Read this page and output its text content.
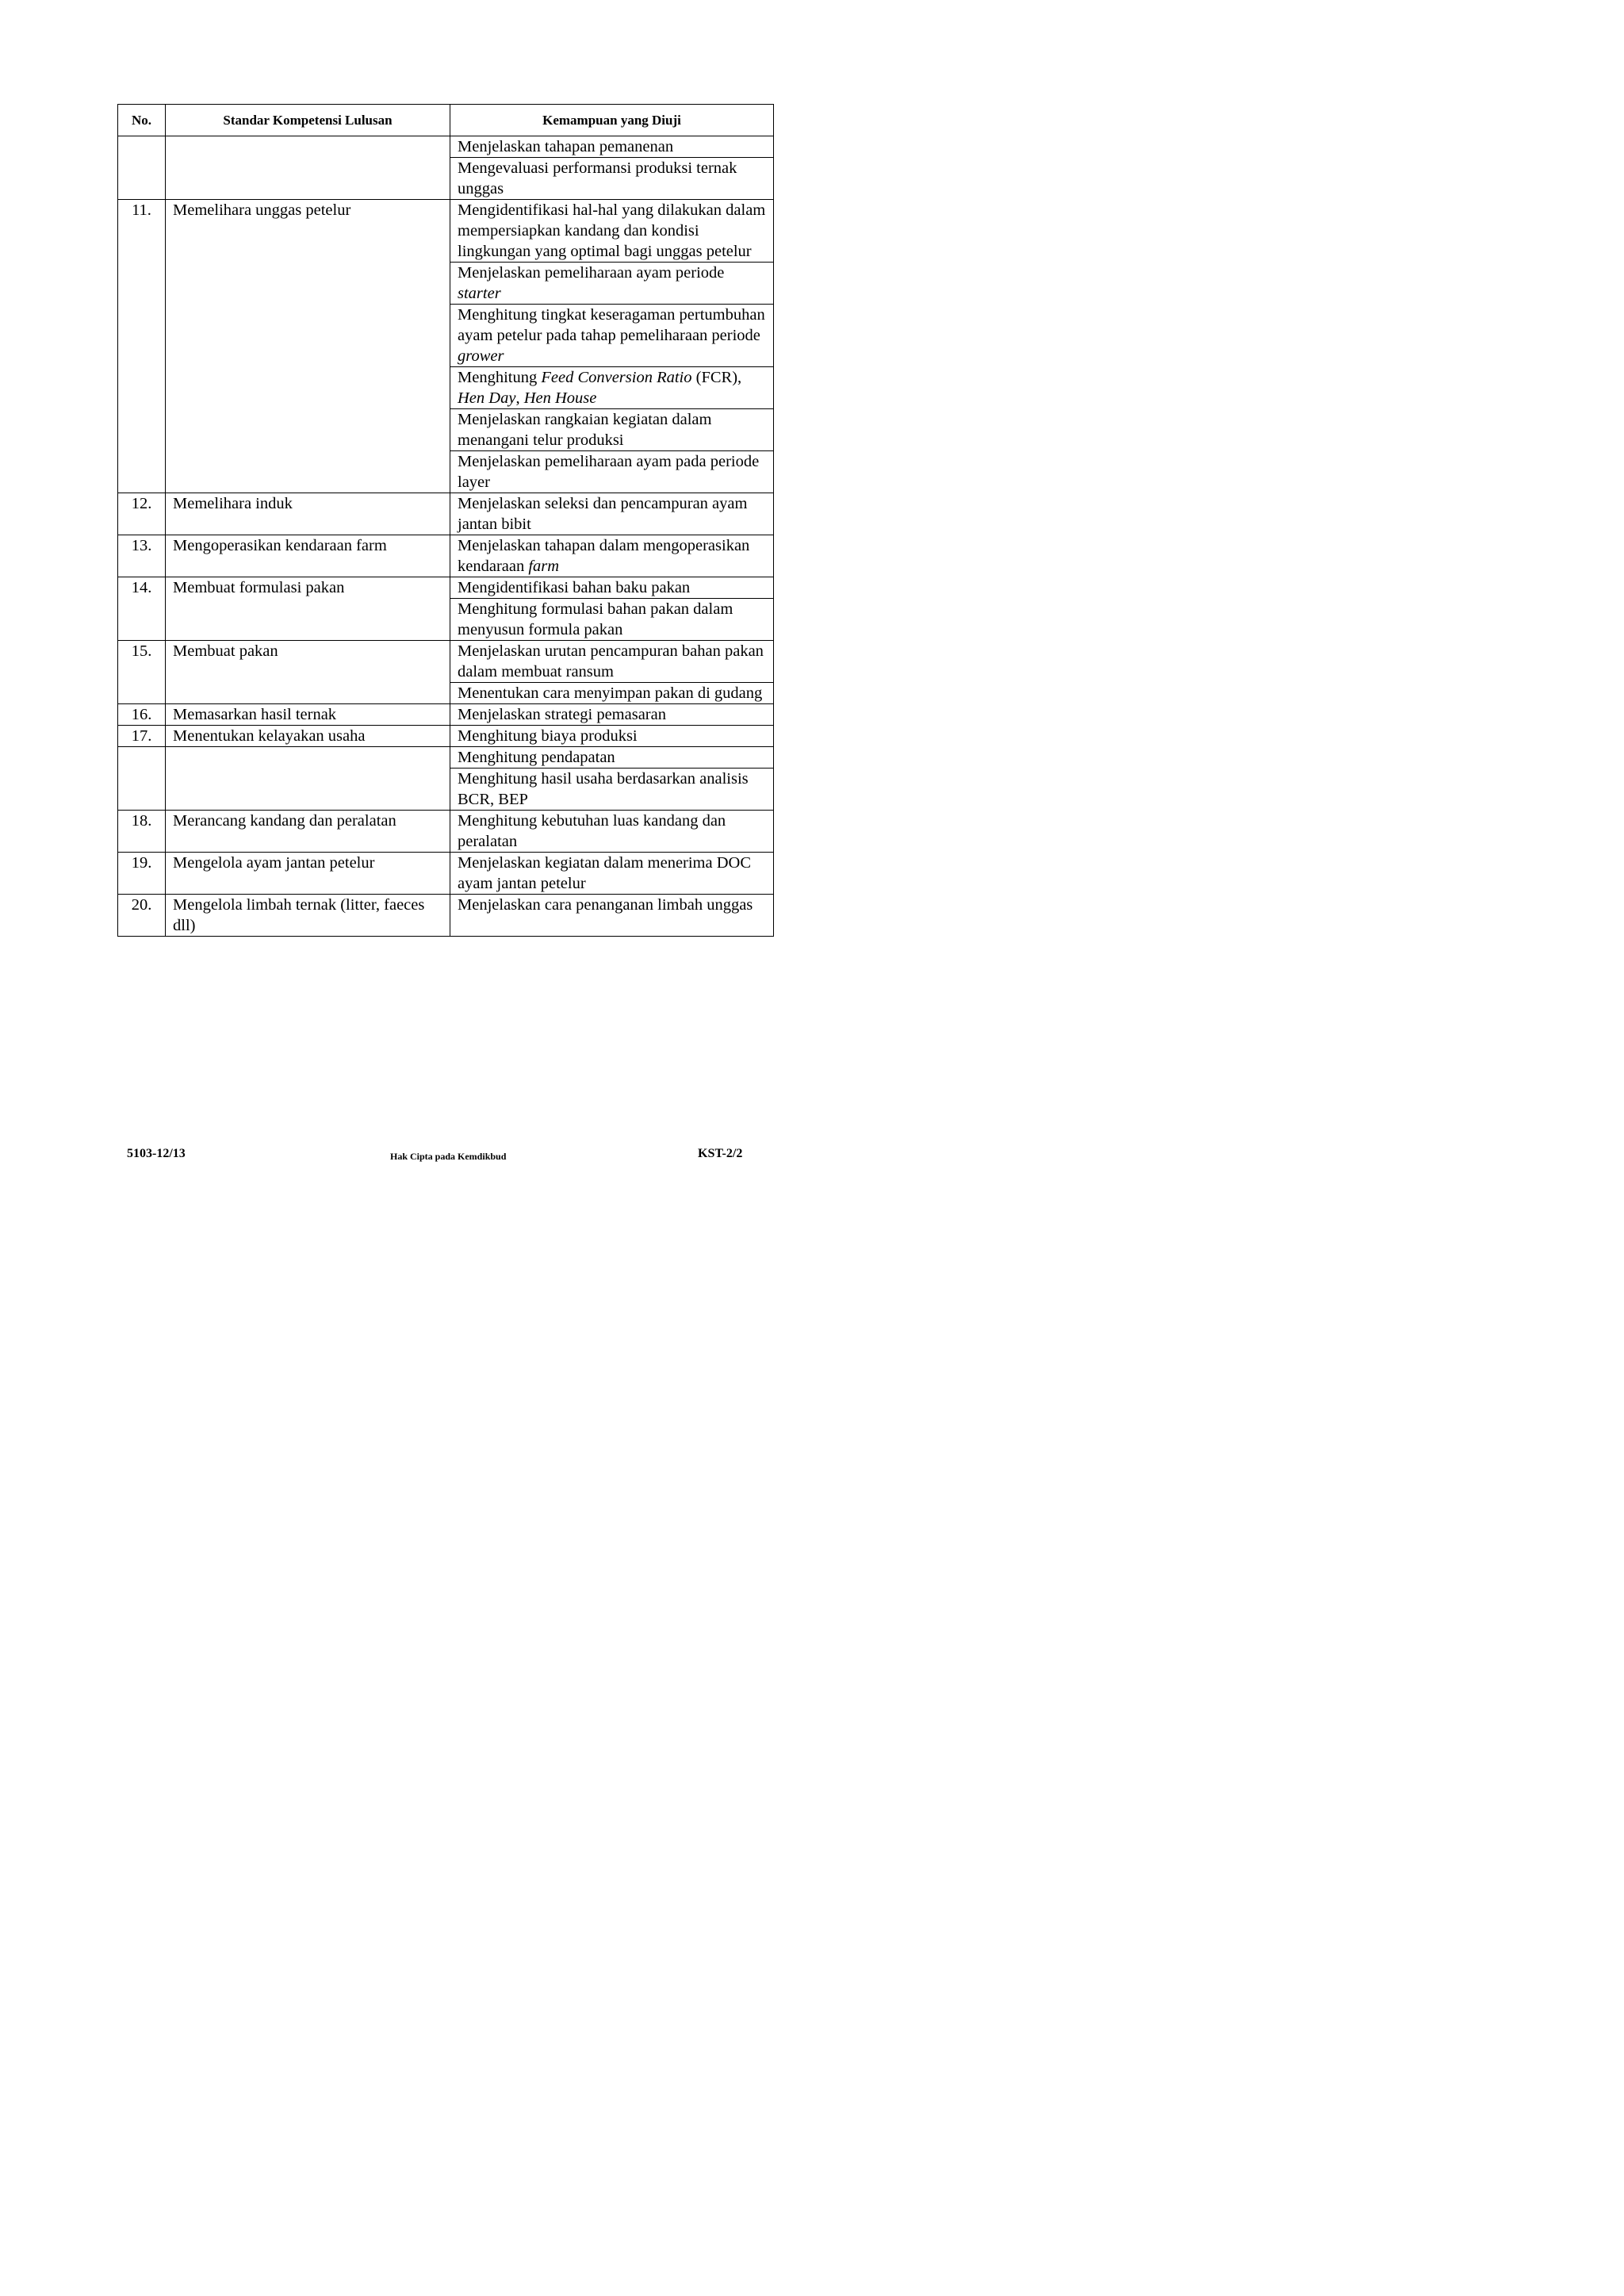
No.	Standar Kompetensi Lulusan	Kemampuan yang Diuji
		Menjelaskan tahapan pemanenan
		Mengevaluasi performansi produksi ternak unggas
11.	Memelihara unggas petelur	Mengidentifikasi hal-hal yang dilakukan dalam mempersiapkan kandang dan kondisi lingkungan yang optimal bagi unggas petelur
		Menjelaskan pemeliharaan ayam periode starter
		Menghitung tingkat keseragaman pertumbuhan ayam petelur pada tahap pemeliharaan periode grower
		Menghitung Feed Conversion Ratio (FCR), Hen Day, Hen House
		Menjelaskan rangkaian kegiatan dalam menangani telur produksi
		Menjelaskan pemeliharaan ayam pada periode layer
12.	Memelihara induk	Menjelaskan seleksi dan pencampuran ayam jantan bibit
13.	Mengoperasikan kendaraan farm	Menjelaskan tahapan dalam mengoperasikan kendaraan farm
14.	Membuat formulasi pakan	Mengidentifikasi bahan baku pakan
		Menghitung formulasi bahan pakan dalam menyusun formula pakan
15.	Membuat pakan	Menjelaskan urutan pencampuran bahan pakan dalam membuat ransum
		Menentukan cara menyimpan pakan di gudang
16.	Memasarkan hasil ternak	Menjelaskan strategi pemasaran
17.	Menentukan kelayakan usaha	Menghitung biaya produksi
		Menghitung pendapatan
		Menghitung hasil usaha berdasarkan analisis BCR, BEP
18.	Merancang kandang dan peralatan	Menghitung kebutuhan luas kandang dan peralatan
19.	Mengelola ayam jantan petelur	Menjelaskan kegiatan dalam menerima DOC ayam jantan petelur
20.	Mengelola limbah ternak (litter, faeces dll)	Menjelaskan cara penanganan limbah unggas
5103-12/13	Hak Cipta pada Kemdikbud	KST-2/2
